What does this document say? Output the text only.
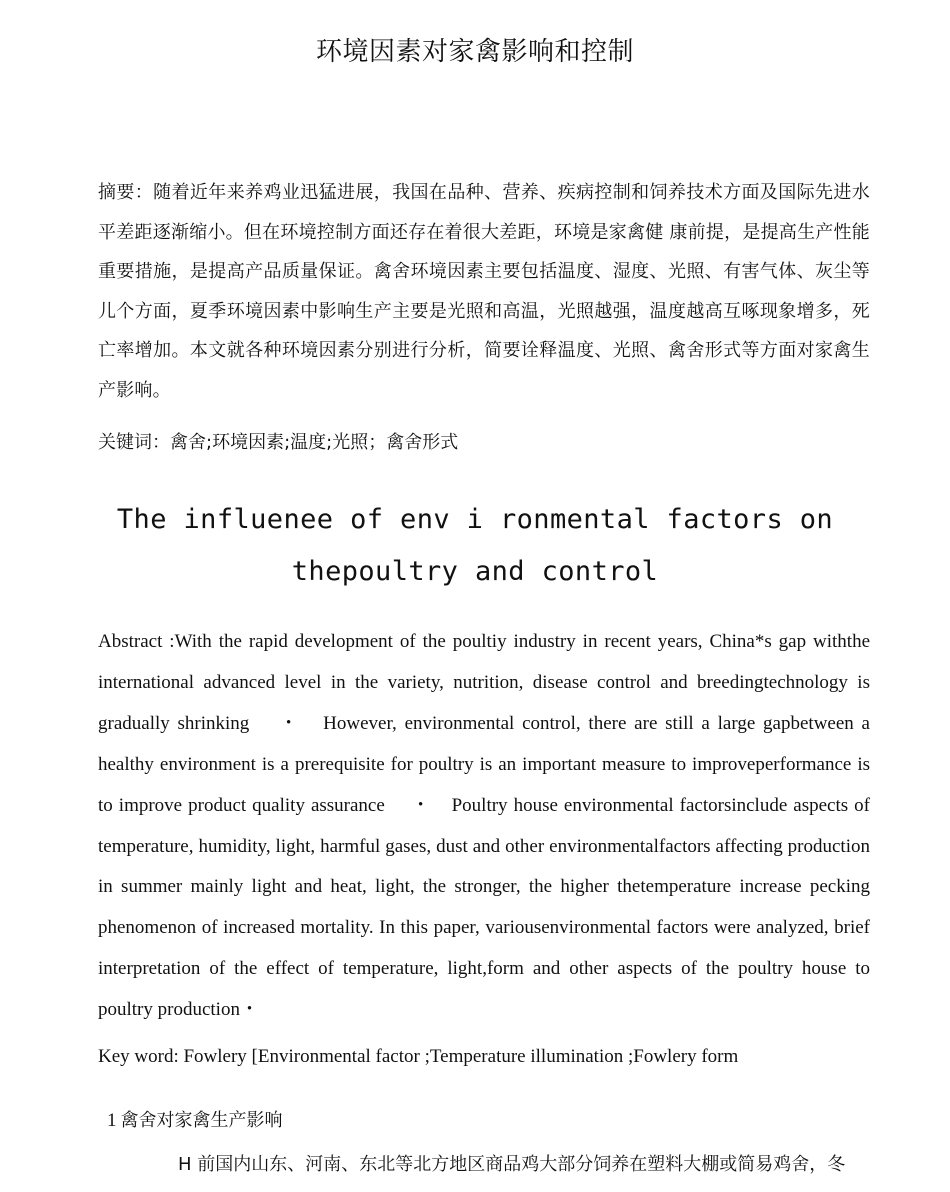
环境因素对家禽影响和控制
摘要：随着近年来养鸡业迅猛进展，我国在品种、营养、疾病控制和饲养技术方面及国际先进水平差距逐渐缩小。但在环境控制方面还存在着很大差距，环境是家禽健 康前提，是提高生产性能重要措施，是提高产品质量保证。禽舍环境因素主要包括温度、湿度、光照、有害气体、灰尘等儿个方面，夏季环境因素中影响生产主要是光照和高温，光照越强，温度越高互啄现象增多，死亡率增加。本文就各种环境因素分别进行分析，简要诠释温度、光照、禽舍形式等方面对家禽生产影响。
关键词：禽舍;环境因素;温度;光照；禽舍形式
The influenee of env i ronmental factors on
thepoultry and control
Abstract :With the rapid development of the poultiy industry in recent years, China*s gap withthe international advanced level in the variety, nutrition, disease control and breedingtechnology is gradually shrinking 　・　However, environmental control, there are still a large gapbetween a healthy environment is a prerequisite for poultry is an important measure to improveperformance is to improve product quality assurance 　・　Poultry house environmental factorsinclude aspects of temperature, humidity, light, harmful gases, dust and other environmentalfactors affecting production in summer mainly light and heat, light, the stronger, the higher thetemperature increase pecking phenomenon of increased mortality. In this paper, variousenvironmental factors were analyzed, brief interpretation of the effect of temperature, light,form and other aspects of the poultry house to poultry production・
Key word: Fowlery [Environmental factor ;Temperature illumination ;Fowlery form
1 禽舍对家禽生产影响
H 前国内山东、河南、东北等北方地区商品鸡大部分饲养在塑料大棚或简易鸡舍，冬
